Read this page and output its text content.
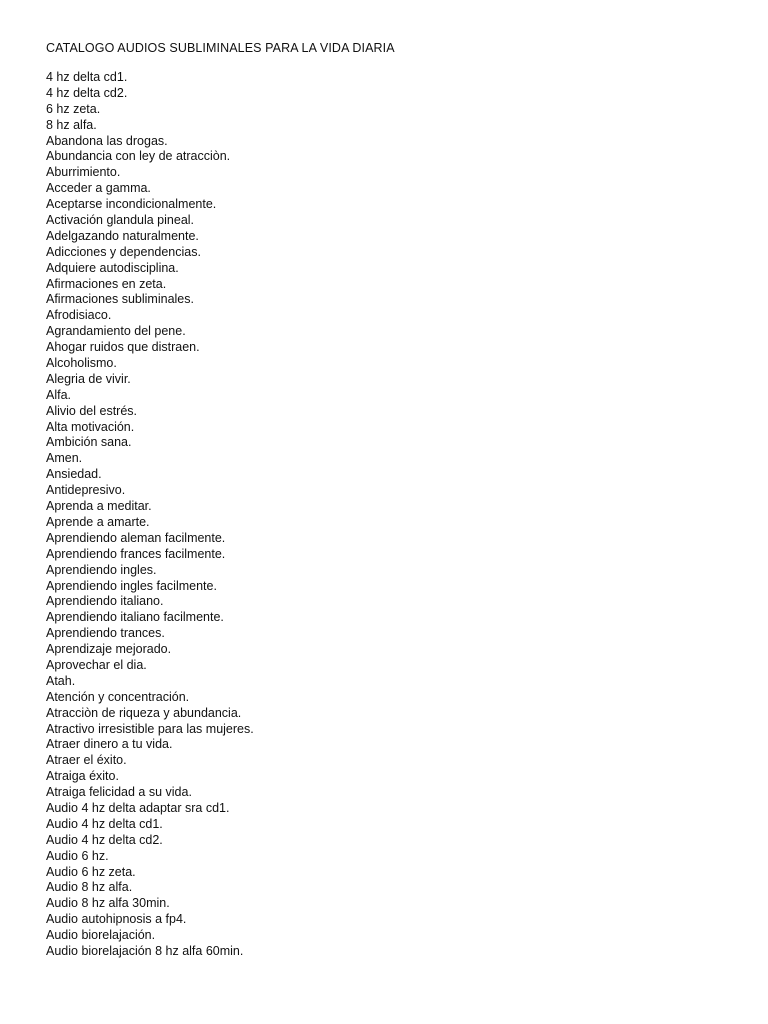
CATALOGO AUDIOS SUBLIMINALES PARA LA VIDA DIARIA
4 hz delta cd1.
4 hz delta cd2.
6 hz zeta.
8 hz alfa.
Abandona las drogas.
Abundancia con ley de atracciòn.
Aburrimiento.
Acceder a gamma.
Aceptarse incondicionalmente.
Activación glandula pineal.
Adelgazando naturalmente.
Adicciones y dependencias.
Adquiere autodisciplina.
Afirmaciones en zeta.
Afirmaciones subliminales.
Afrodisiaco.
Agrandamiento del pene.
Ahogar ruidos que distraen.
Alcoholismo.
Alegria de vivir.
Alfa.
Alivio del estrés.
Alta motivación.
Ambición sana.
Amen.
Ansiedad.
Antidepresivo.
Aprenda a meditar.
Aprende a amarte.
Aprendiendo aleman facilmente.
Aprendiendo frances facilmente.
Aprendiendo ingles.
Aprendiendo ingles facilmente.
Aprendiendo italiano.
Aprendiendo italiano facilmente.
Aprendiendo trances.
Aprendizaje mejorado.
Aprovechar el dia.
Atah.
Atención y concentración.
Atracciòn de riqueza y abundancia.
Atractivo irresistible para las mujeres.
Atraer dinero a tu vida.
Atraer el éxito.
Atraiga éxito.
Atraiga felicidad a su vida.
Audio 4 hz delta adaptar sra cd1.
Audio 4 hz delta cd1.
Audio 4 hz delta cd2.
Audio 6 hz.
Audio 6 hz zeta.
Audio 8 hz alfa.
Audio 8 hz alfa 30min.
Audio autohipnosis a fp4.
Audio biorelajación.
Audio biorelajación 8 hz alfa 60min.
